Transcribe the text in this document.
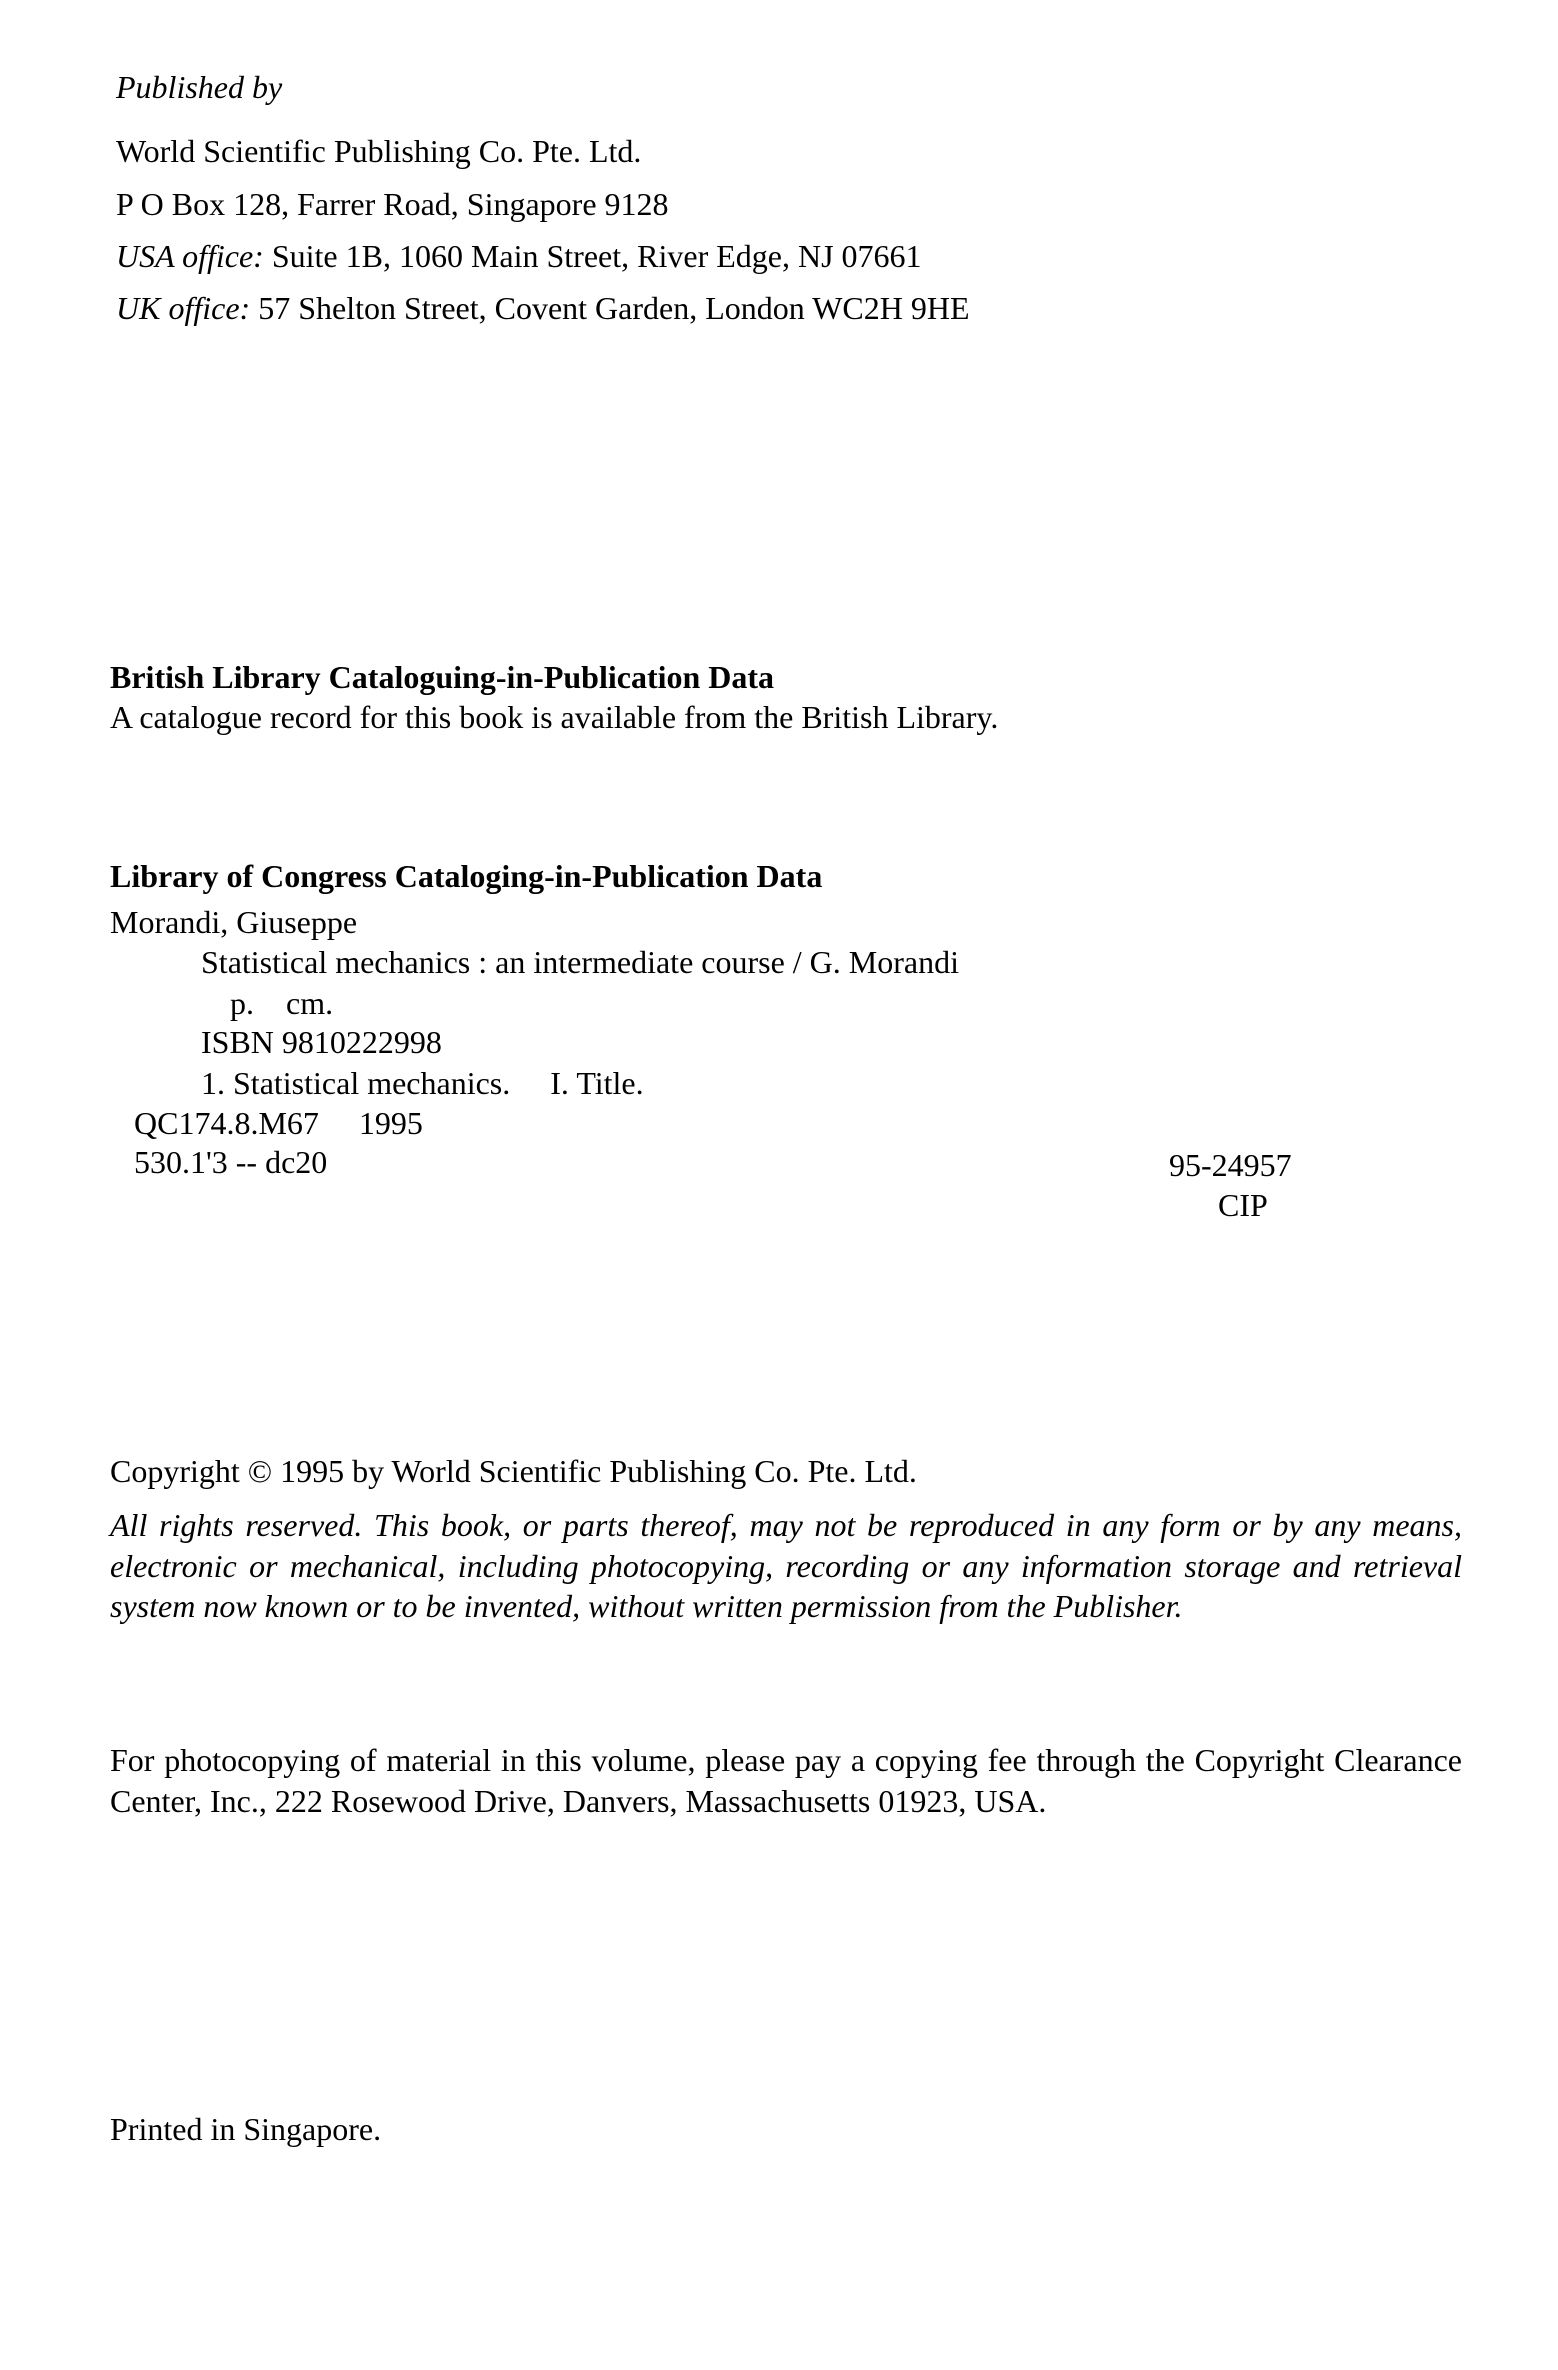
Published by
World Scientific Publishing Co. Pte. Ltd.
P O Box 128, Farrer Road, Singapore 9128
USA office: Suite 1B, 1060 Main Street, River Edge, NJ 07661
UK office: 57 Shelton Street, Covent Garden, London WC2H 9HE
British Library Cataloguing-in-Publication Data
A catalogue record for this book is available from the British Library.
Library of Congress Cataloging-in-Publication Data
Morandi, Giuseppe
Statistical mechanics : an intermediate course / G. Morandi
p.    cm.
ISBN 9810222998
1. Statistical mechanics.     I. Title.
QC174.8.M67     1995
530.1'3 -- dc20	95-24957
CIP
Copyright © 1995 by World Scientific Publishing Co. Pte. Ltd.
All rights reserved. This book, or parts thereof, may not be reproduced in any form or by any means, electronic or mechanical, including photocopying, recording or any information storage and retrieval system now known or to be invented, without written permission from the Publisher.
For photocopying of material in this volume, please pay a copying fee through the Copyright Clearance Center, Inc., 222 Rosewood Drive, Danvers, Massachusetts 01923, USA.
Printed in Singapore.
